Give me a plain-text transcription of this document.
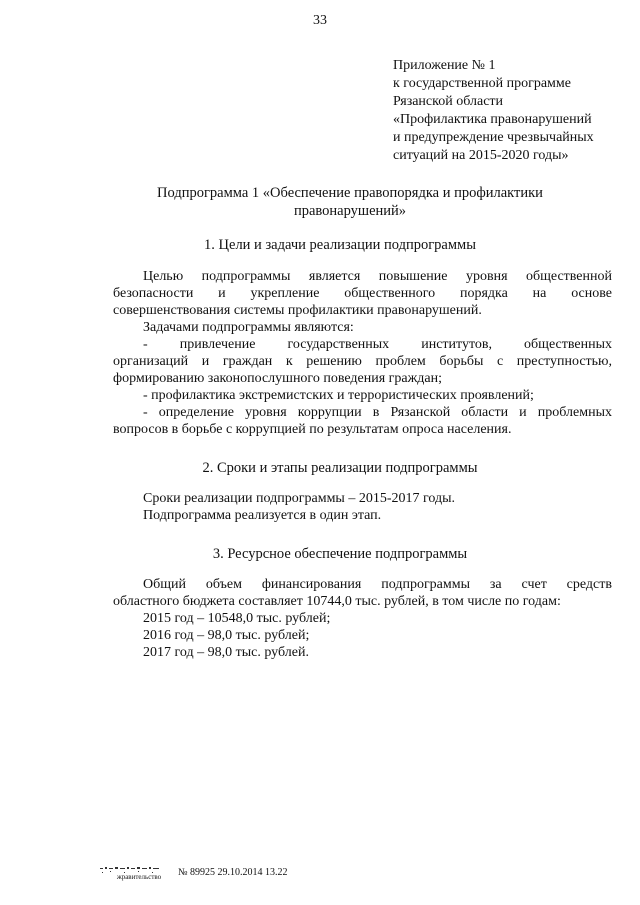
33
Приложение № 1
к государственной программе
Рязанской области
«Профилактика правонарушений
и предупреждение чрезвычайных
ситуаций на 2015-2020 годы»
Подпрограмма 1 «Обеспечение правопорядка и профилактики
правонарушений»
1. Цели и задачи реализации подпрограммы
Целью подпрограммы является повышение уровня общественной
безопасности и укрепление общественного порядка на основе
совершенствования системы профилактики правонарушений.
Задачами подпрограммы являются:
- привлечение государственных институтов, общественных
организаций и граждан к решению проблем борьбы с преступностью,
формированию законопослушного поведения граждан;
- профилактика экстремистских и террористических проявлений;
- определение уровня коррупции в Рязанской области и проблемных
вопросов в борьбе с коррупцией по результатам опроса населения.
2. Сроки и этапы реализации подпрограммы
Сроки реализации подпрограммы – 2015-2017 годы.
Подпрограмма реализуется в один этап.
3. Ресурсное обеспечение подпрограммы
Общий объем финансирования подпрограммы за счет средств
областного бюджета составляет 10744,0 тыс. рублей, в том числе по годам:
2015 год – 10548,0 тыс. рублей;
2016 год – 98,0 тыс. рублей;
2017 год – 98,0 тыс. рублей.
жравительство	№ 89925 29.10.2014 13.22
